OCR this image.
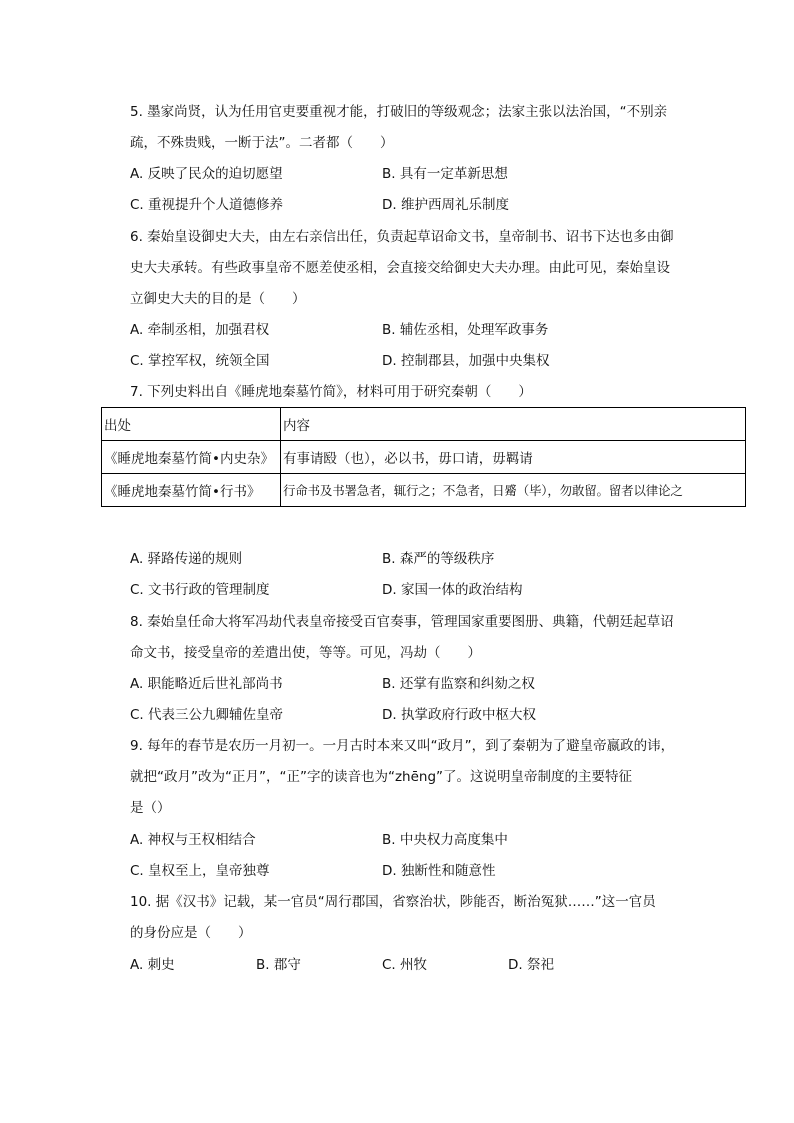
5. 墨家尚贤，认为任用官吏要重视才能，打破旧的等级观念；法家主张以法治国，“不别亲
疏，不殊贵贱，一断于法”。二者都（　　）
A. 反映了民众的迫切愿望	B. 具有一定革新思想
C. 重视提升个人道德修养	D. 维护西周礼乐制度
6. 秦始皇设御史大夫，由左右亲信出任，负责起草诏命文书，皇帝制书、诏书下达也多由御
史大夫承转。有些政事皇帝不愿差使丞相，会直接交给御史大夫办理。由此可见，秦始皇设
立御史大夫的目的是（　　）
A. 牵制丞相，加强君权	B. 辅佐丞相，处理军政事务
C. 掌控军权，统领全国	D. 控制郡县，加强中央集权
7. 下列史料出自《睡虎地秦墓竹简》，材料可用于研究秦朝（　　）
出处	内容
《睡虎地秦墓竹简•内史杂》	有事请殹（也），必以书，毋口请，毋羁请
《睡虎地秦墓竹简•行书》	行命书及书署急者，辄行之；不急者，日觱（毕），勿敢留。留者以律论之
A. 驿路传递的规则	B. 森严的等级秩序
C. 文书行政的管理制度	D. 家国一体的政治结构
8. 秦始皇任命大将军冯劫代表皇帝接受百官奏事，管理国家重要图册、典籍，代朝廷起草诏
命文书，接受皇帝的差遣出使，等等。可见，冯劫（　　）
A. 职能略近后世礼部尚书	B. 还掌有监察和纠劾之权
C. 代表三公九卿辅佐皇帝	D. 执掌政府行政中枢大权
9. 每年的春节是农历一月初一。一月古时本来又叫“政月”，到了秦朝为了避皇帝嬴政的讳，
就把“政月”改为“正月”，“正”字的读音也为“zhēng”了。这说明皇帝制度的主要特征
是（）
A. 神权与王权相结合	B. 中央权力高度集中
C. 皇权至上，皇帝独尊	D. 独断性和随意性
10. 据《汉书》记载，某一官员“周行郡国，省察治状，陟能否，断治冤狱……”这一官员
的身份应是（　　）
A. 刺史	B. 郡守	C. 州牧	D. 祭祀
